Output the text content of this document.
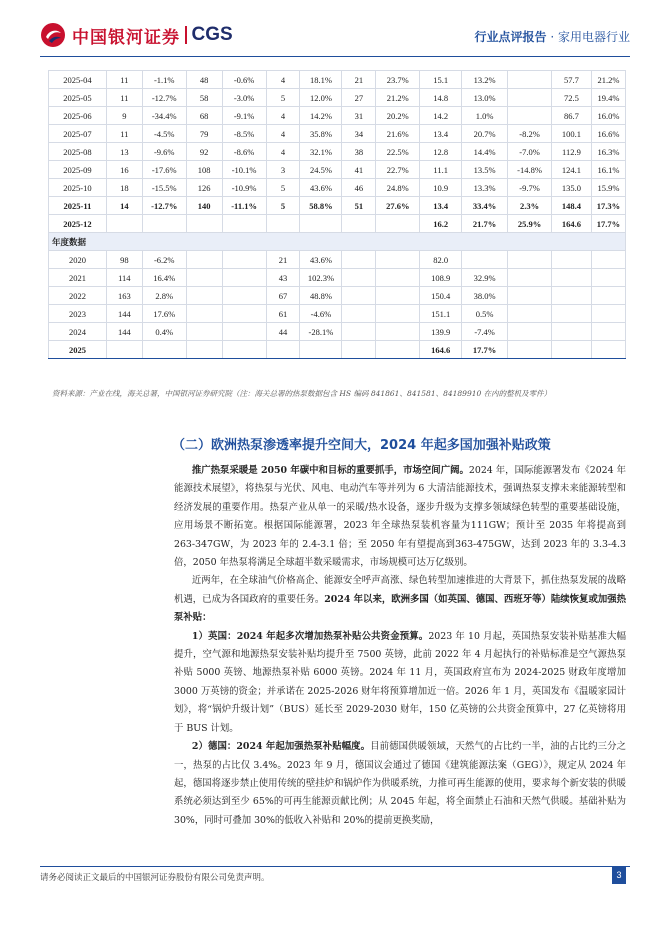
中国银河证券 CGS	行业点评报告 · 家用电器行业
2025-04	11	-1.1%	48	-0.6%	4	18.1%	21	23.7%	15.1	13.2%		57.7	21.2%
2025-05	11	-12.7%	58	-3.0%	5	12.0%	27	21.2%	14.8	13.0%		72.5	19.4%
2025-06	9	-34.4%	68	-9.1%	4	14.2%	31	20.2%	14.2	1.0%		86.7	16.0%
2025-07	11	-4.5%	79	-8.5%	4	35.8%	34	21.6%	13.4	20.7%	-8.2%	100.1	16.6%
2025-08	13	-9.6%	92	-8.6%	4	32.1%	38	22.5%	12.8	14.4%	-7.0%	112.9	16.3%
2025-09	16	-17.6%	108	-10.1%	3	24.5%	41	22.7%	11.1	13.5%	-14.8%	124.1	16.1%
2025-10	18	-15.5%	126	-10.9%	5	43.6%	46	24.8%	10.9	13.3%	-9.7%	135.0	15.9%
2025-11	14	-12.7%	140	-11.1%	5	58.8%	51	27.6%	13.4	33.4%	2.3%	148.4	17.3%
2025-12									16.2	21.7%	25.9%	164.6	17.7%
年度数据													
2020	98	-6.2%			21	43.6%			82.0				
2021	114	16.4%			43	102.3%			108.9	32.9%			
2022	163	2.8%			67	48.8%			150.4	38.0%			
2023	144	17.6%			61	-4.6%			151.1	0.5%			
2024	144	0.4%			44	-28.1%			139.9	-7.4%			
2025									164.6	17.7%			
资料来源：产业在线，海关总署，中国银河证券研究院（注：海关总署的热泵数据包含 HS 编码 841861、841581、84189910 在内的整机及零件）
（二）欧洲热泵渗透率提升空间大，2024 年起多国加强补贴政策

推广热泵采暖是 2050 年碳中和目标的重要抓手，市场空间广阔。2024 年，国际能源署发布《2024 年能源技术展望》，将热泵与光伏、风电、电动汽车等并列为 6 大清洁能源技术，强调热泵支撑未来能源转型和经济发展的重要作用。热泵产业从单一的采暖/热水设备，逐步升级为支撑多领域绿色转型的重要基础设施，应用场景不断拓宽。根据国际能源署，2023 年全球热泵装机容量为111GW；预计至 2035 年将提高到 263-347GW，为 2023 年的 2.4-3.1 倍；至 2050 年有望提高到363-475GW，达到 2023 年的 3.3-4.3 倍，2050 年热泵将满足全球超半数采暖需求，市场规模可达万亿级别。

近两年，在全球油气价格高企、能源安全呼声高涨、绿色转型加速推进的大背景下，抓住热泵发展的战略机遇，已成为各国政府的重要任务。2024 年以来，欧洲多国（如英国、德国、西班牙等）陆续恢复或加强热泵补贴：

1）英国：2024 年起多次增加热泵补贴公共资金预算。2023 年 10 月起，英国热泵安装补贴基准大幅提升，空气源和地源热泵安装补贴均提升至 7500 英镑，此前 2022 年 4 月起执行的补贴标准是空气源热泵补贴 5000 英镑、地源热泵补贴 6000 英镑。2024 年 11 月，英国政府宣布为 2024-2025 财政年度增加 3000 万英镑的资金；并承诺在 2025-2026 财年将预算增加近一倍。2026 年 1 月，英国发布《温暖家园计划》，将“锅炉升级计划”（BUS）延长至 2029-2030 财年，150 亿英镑的公共资金预算中，27 亿英镑将用于 BUS 计划。

2）德国：2024 年起加强热泵补贴幅度。目前德国供暖领域，天然气的占比约一半，油的占比约三分之一，热泵的占比仅 3.4%。2023 年 9 月，德国议会通过了德国《建筑能源法案（GEG）》，规定从 2024 年起，德国将逐步禁止使用传统的壁挂炉和锅炉作为供暖系统，力推可再生能源的使用，要求每个新安装的供暖系统必须达到至少 65%的可再生能源贡献比例；从 2045 年起，将全面禁止石油和天然气供暖。基础补贴为 30%，同时可叠加 30%的低收入补贴和 20%的提前更换奖励，

请务必阅读正文最后的中国银河证券股份有限公司免责声明。	3
